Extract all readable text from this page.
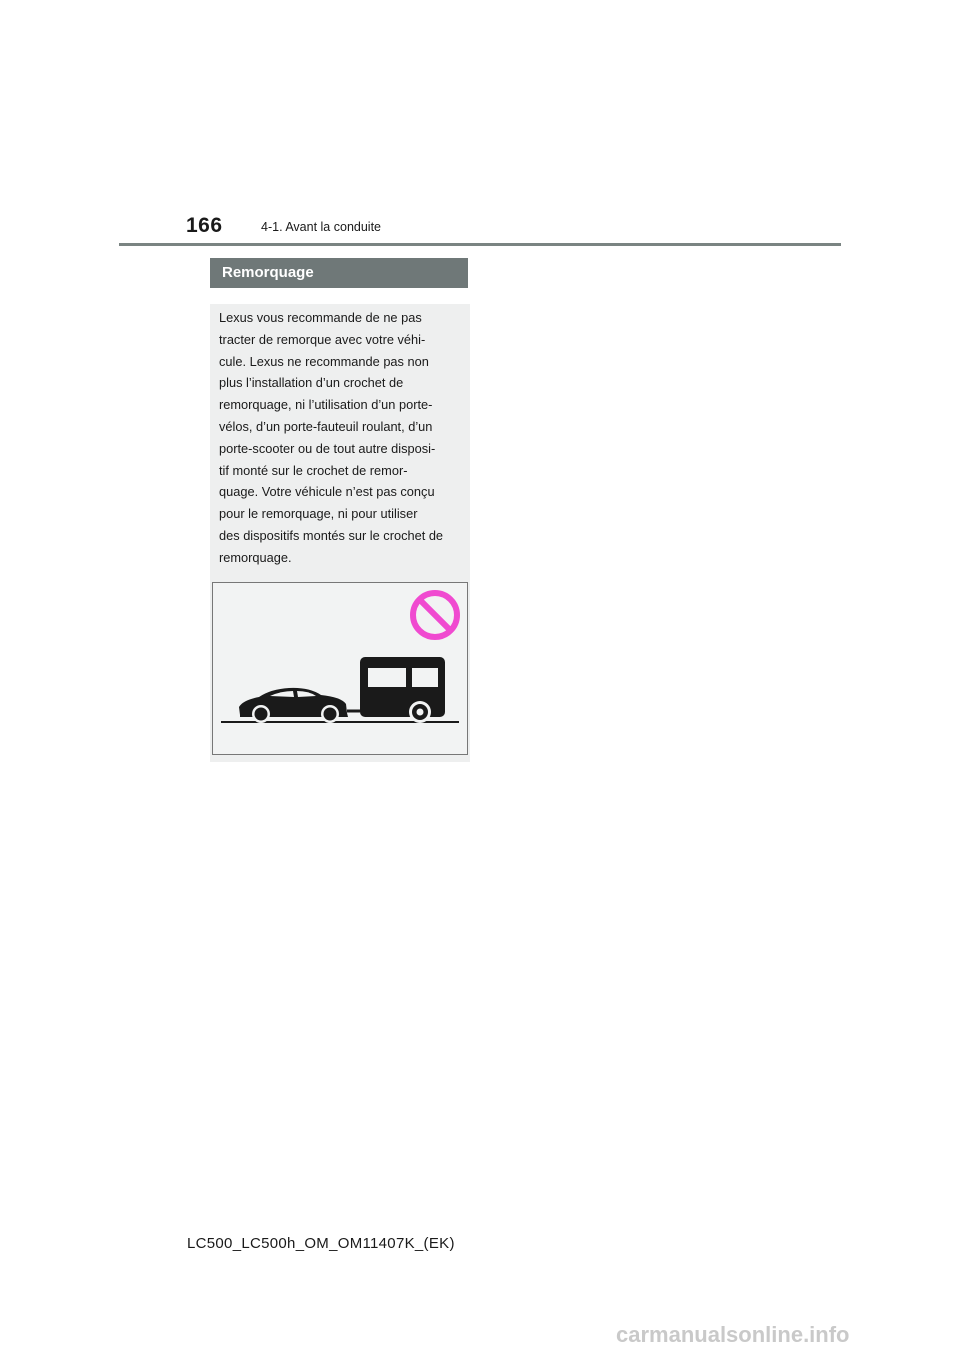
166	4-1. Avant la conduite
Remorquage
Lexus vous recommande de ne pas
tracter de remorque avec votre véhi-
cule. Lexus ne recommande pas non
plus l’installation d’un crochet de
remorquage, ni l’utilisation d’un porte-
vélos, d’un porte-fauteuil roulant, d’un
porte-scooter ou de tout autre disposi-
tif monté sur le crochet de remor-
quage. Votre véhicule n’est pas conçu
pour le remorquage, ni pour utiliser
des dispositifs montés sur le crochet de
remorquage.
LC500_LC500h_OM_OM11407K_(EK)
carmanualsonline.info
